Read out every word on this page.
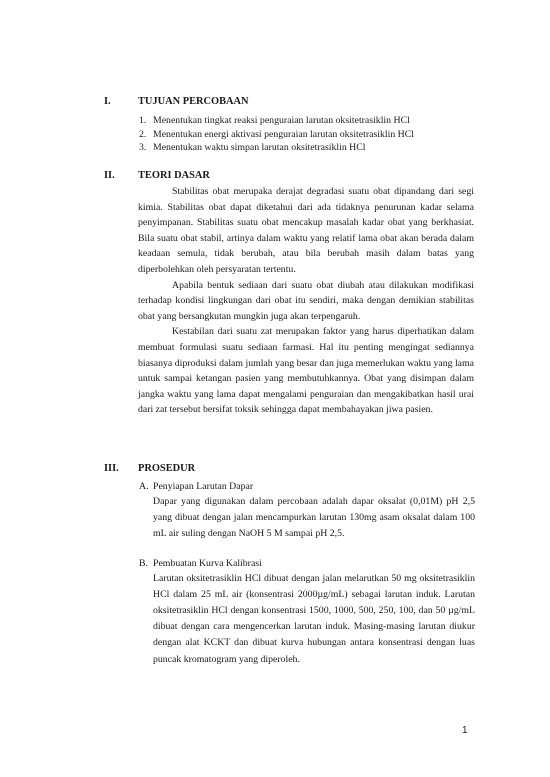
I.	TUJUAN PERCOBAAN
1. Menentukan tingkat reaksi penguraian larutan oksitetrasiklin HCl
2. Menentukan energi aktivasi penguraian larutan oksitetrasiklin HCl
3. Menentukan waktu simpan larutan oksitetrasiklin HCl
II. TEORI DASAR

Stabilitas obat merupaka derajat degradasi suatu obat dipandang dari segi kimia. Stabilitas obat dapat diketahui dari ada tidaknya penurunan kadar selama penyimpanan. Stabilitas suatu obat mencakup masalah kadar obat yang berkhasiat. Bila suatu obat stabil, artinya dalam waktu yang relatif lama obat akan berada dalam keadaan semula, tidak berubah, atau bila berubah masih dalam batas yang diperbolehkan oleh persyaratan tertentu.

Apabila bentuk sediaan dari suatu obat diubah atau dilakukan modifikasi terhadap kondisi lingkungan dari obat itu sendiri, maka dengan demikian stabilitas obat yang bersangkutan mungkin juga akan terpengaruh.

Kestabilan dari suatu zat merupakan faktor yang harus diperhatikan dalam membuat formulasi suatu sediaan farmasi. Hal itu penting mengingat sediannya biasanya diproduksi dalam jumlah yang besar dan juga memerlukan waktu yang lama untuk sampai ketangan pasien yang membutuhkannya. Obat yang disimpan dalam jangka waktu yang lama dapat mengalami penguraian dan mengakibatkan hasil urai dari zat tersebut bersifat toksik sehingga dapat membahayakan jiwa pasien.

III. PROSEDUR
A. Penyiapan Larutan Dapar

Dapar yang digunakan dalam percobaan adalah dapar oksalat (0,01M) pH 2,5 yang dibuat dengan jalan mencampurkan larutan 130mg asam oksalat dalam 100 mL air suling dengan NaOH 5 M sampai pH 2,5.

B. Pembuatan Kurva Kalibrasi

Larutan oksitetrasiklin HCl dibuat dengan jalan melarutkan 50 mg oksitetrasiklin HCl dalam 25 mL air (konsentrasi 2000µg/mL) sebagai larutan induk. Larutan oksitetrasiklin HCl dengan konsentrasi 1500, 1000, 500, 250, 100, dan 50 µg/mL dibuat dengan cara mengencerkan larutan induk. Masing-masing larutan diukur dengan alat KCKT dan dibuat kurva hubungan antara konsentrasi dengan luas puncak kromatogram yang diperoleh.

1
